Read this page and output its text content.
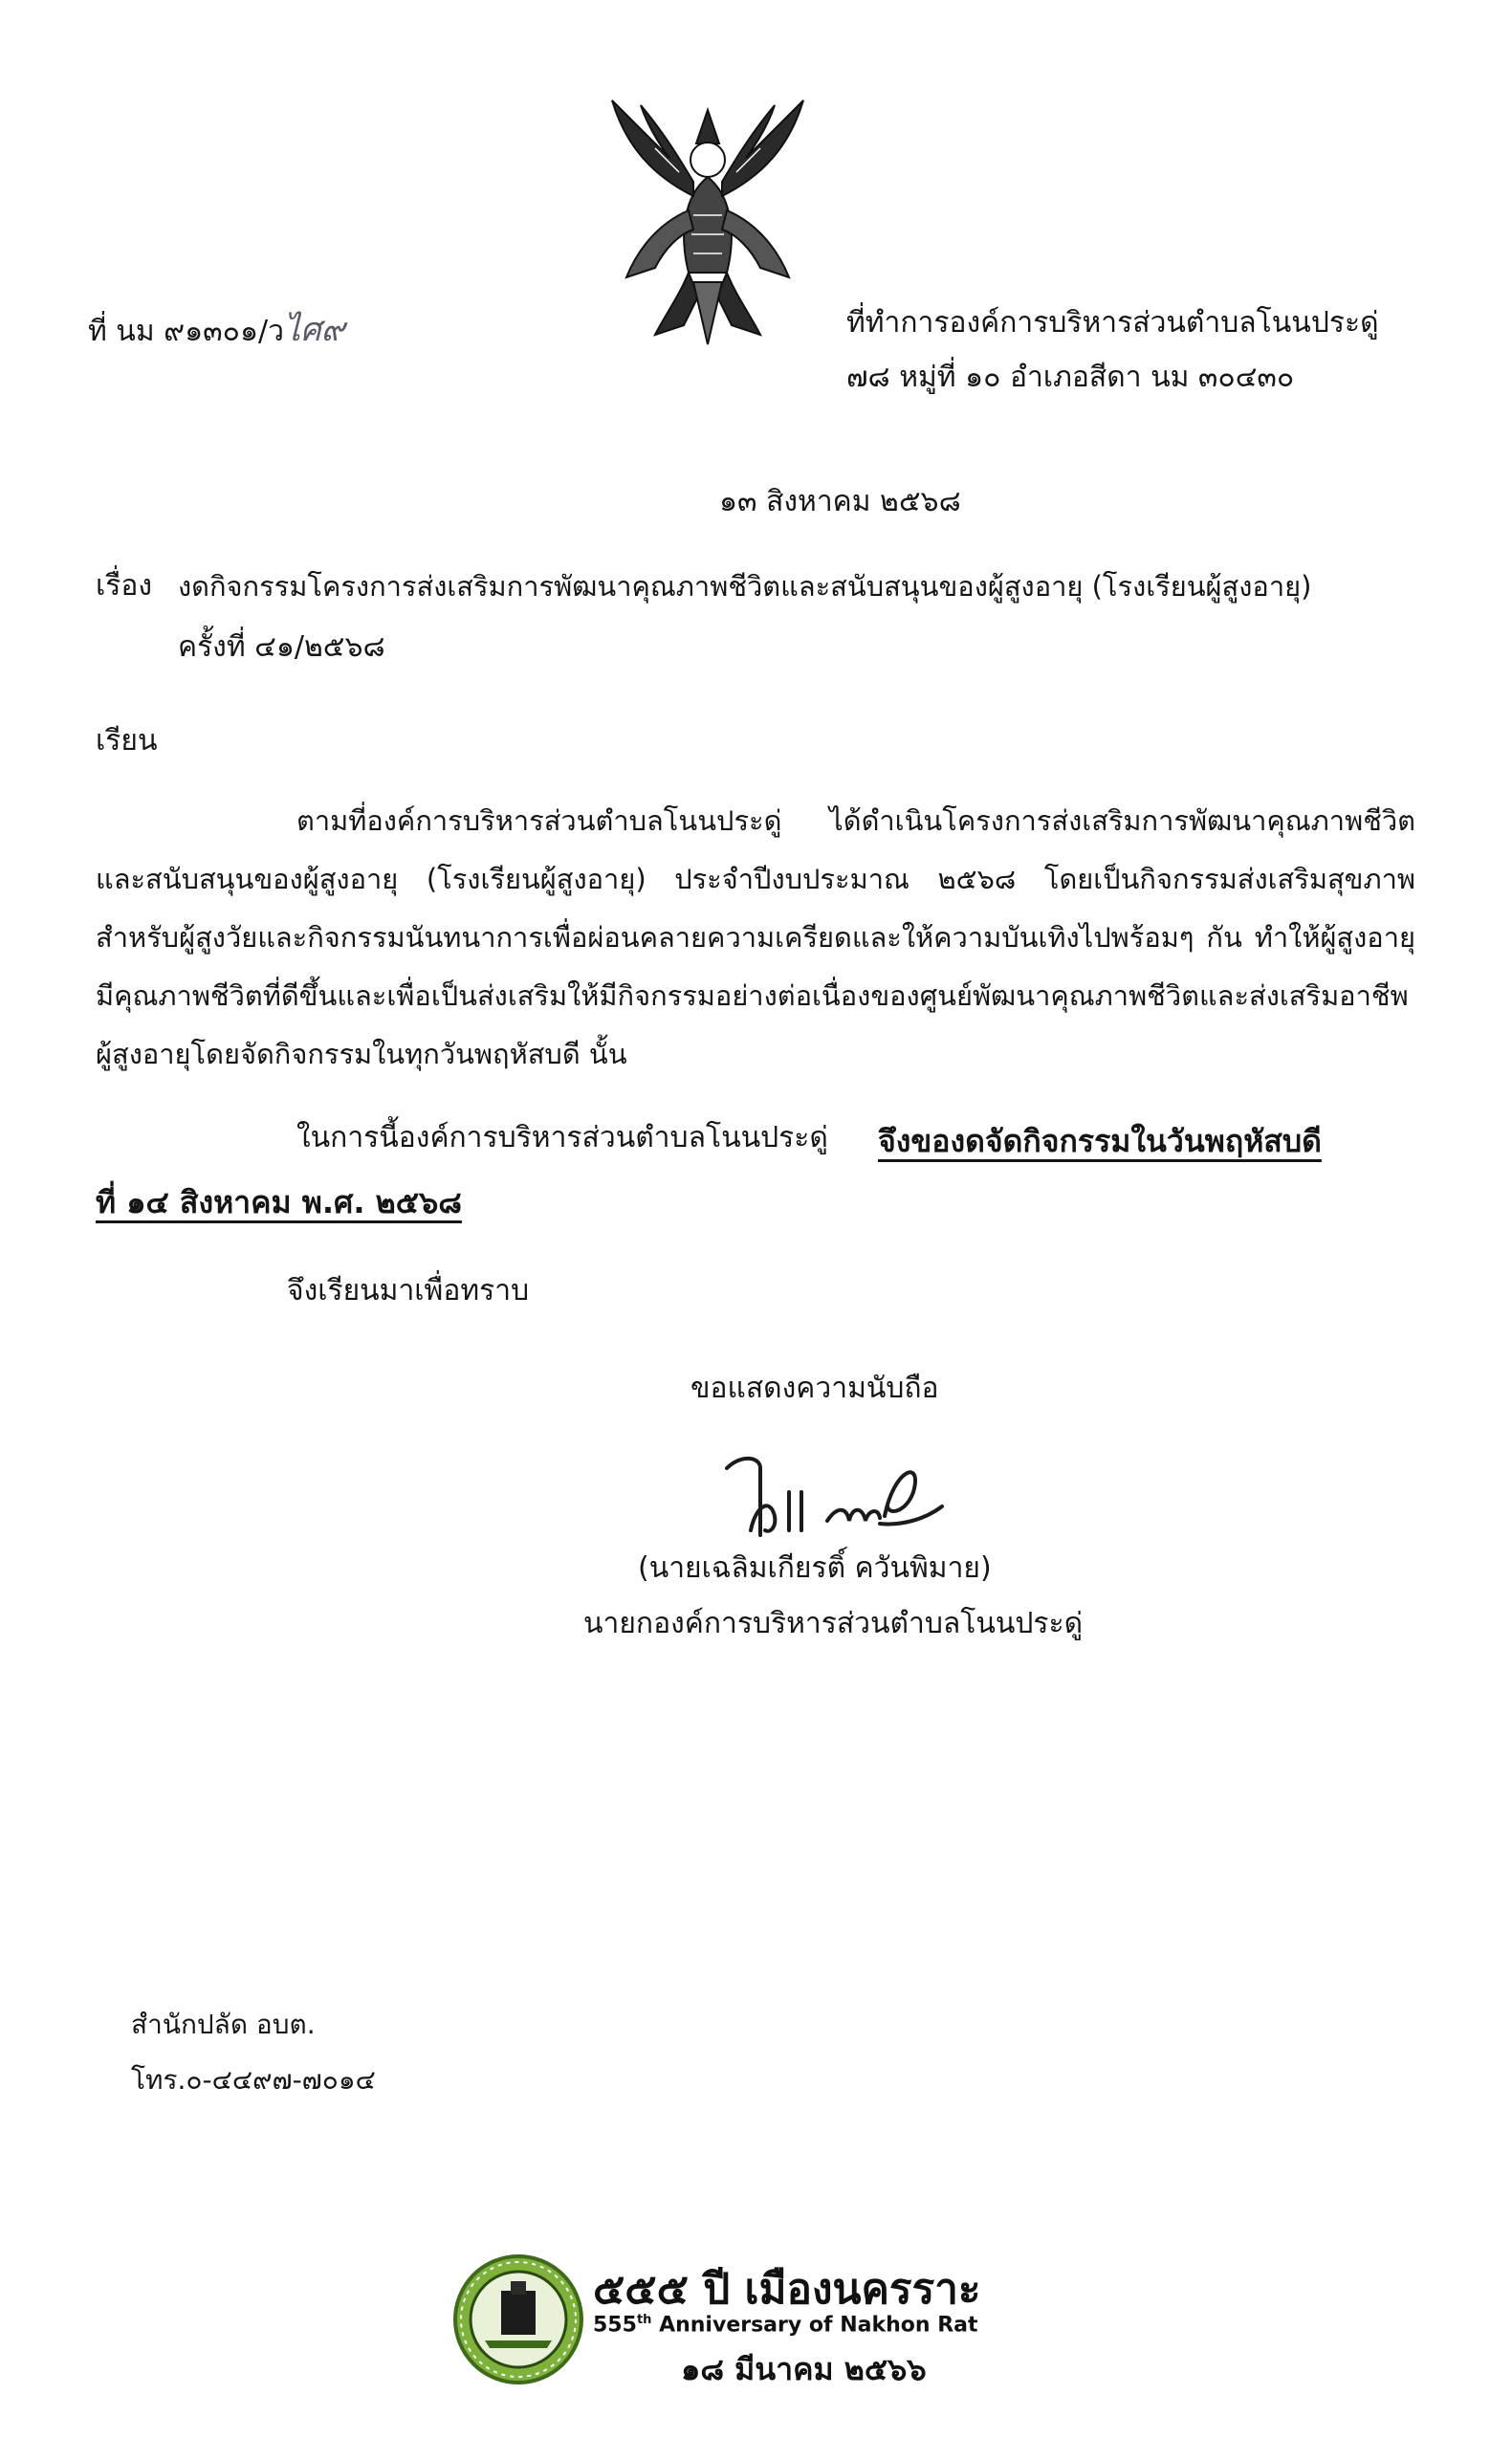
ที่ นม ๙๑๓๐๑/วไศ๙	ที่ทำการองค์การบริหารส่วนตำบลโนนประดู่
๗๘ หมู่ที่ ๑๐ อำเภอสีดา นม ๓๐๔๓๐
๑๓ สิงหาคม ๒๕๖๘
เรื่อง งดกิจกรรมโครงการส่งเสริมการพัฒนาคุณภาพชีวิตและสนับสนุนของผู้สูงอายุ (โรงเรียนผู้สูงอายุ)
ครั้งที่ ๔๑/๒๕๖๘
เรียน
ตามที่องค์การบริหารส่วนตำบลโนนประดู่ ได้ดำเนินโครงการส่งเสริมการพัฒนาคุณภาพชีวิตและสนับสนุนของผู้สูงอายุ (โรงเรียนผู้สูงอายุ) ประจำปีงบประมาณ ๒๕๖๘ โดยเป็นกิจกรรมส่งเสริมสุขภาพสำหรับผู้สูงวัยและกิจกรรมนันทนาการเพื่อผ่อนคลายความเครียดและให้ความบันเทิงไปพร้อมๆ กัน ทำให้ผู้สูงอายุมีคุณภาพชีวิตที่ดีขึ้นและเพื่อเป็นส่งเสริมให้มีกิจกรรมอย่างต่อเนื่องของศูนย์พัฒนาคุณภาพชีวิตและส่งเสริมอาชีพผู้สูงอายุโดยจัดกิจกรรมในทุกวันพฤหัสบดี นั้น
ในการนี้องค์การบริหารส่วนตำบลโนนประดู่ จึงของดจัดกิจกรรมในวันพฤหัสบดี
ที่ ๑๔ สิงหาคม พ.ศ. ๒๕๖๘
จึงเรียนมาเพื่อทราบ
ขอแสดงความนับถือ
(นายเฉลิมเกียรติ์ ควันพิมาย)
นายกองค์การบริหารส่วนตำบลโนนประดู่
สำนักปลัด อบต.
โทร.๐-๔๔๙๗-๗๐๑๔
๕๕๕ ปี เมืองนครราะ
555th Anniversary of Nakhon Rat
๑๘ มีนาคม ๒๕๖๖
